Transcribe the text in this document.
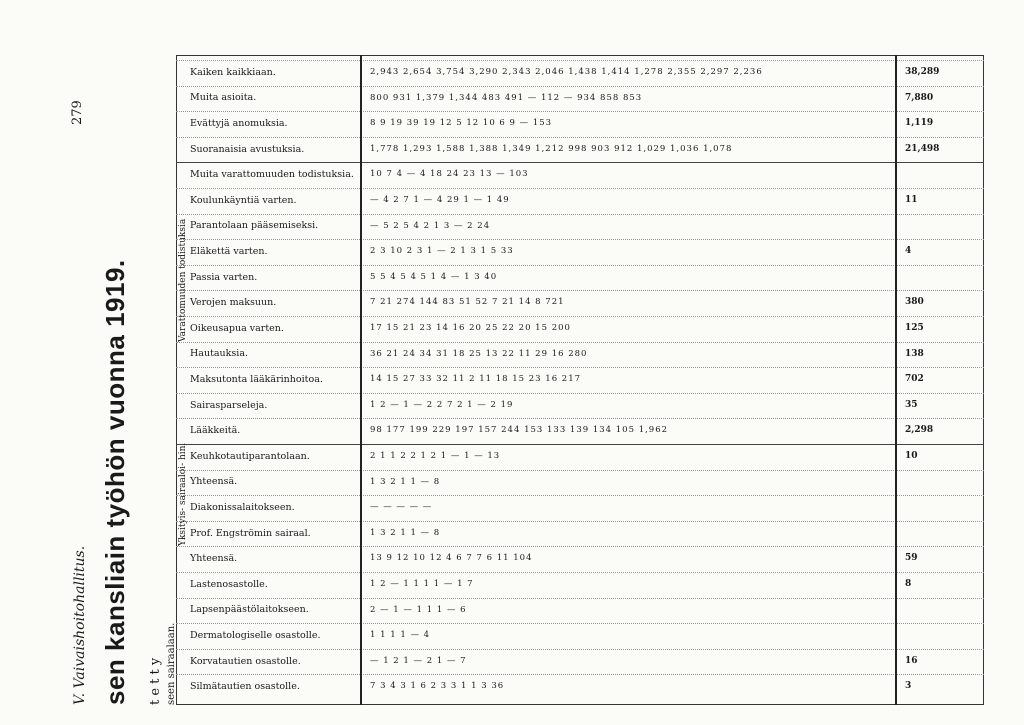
279
V. Vaivaishoitohallitus. sen kansliain työhön vuonna 1919. t e t t y seen sairaalaan.
Kaiken kaikkiaan.	2,943 2,654 3,754 3,290 2,343 2,046 1,438 1,414 1,278 2,355 2,297 2,236	38,289
Muita asioita.	800 931 1,379 1,344 483 491 — 112 — 934 858 853	7,880
Evättyjä anomuksia.	8 9 19 39 19 12 5 12 10 6 9 — 153	1,119
Suoranaisia avustuksia.	1,778 1,293 1,588 1,388 1,349 1,212 998 903 912 1,029 1,036 1,078	21,498
Muita varattomuuden todistuksia. 10 7 4 — 4 18 24 23 13 — 103
Koulunkäyntiä varten.	— 4 2 7 1 — 4 29 1 — 1 49	11
Parantolaan pääsemiseksi.	— 5 2 5 4 2 1 3 — 2 24
Eläkettä varten.	2 3 10 2 3 1 — 2 1 3 1 5 33	4
Passia varten.	5 5 4 5 4 5 1 4 — 1 3 40
Verojen maksuun.	7 21 274 144 83 51 52 7 21 14 8 721	380
Oikeusapua varten.	17 15 21 23 14 16 20 25 22 20 15 200	125
Hautauksia.	36 21 24 34 31 18 25 13 22 11 29 16 280	138
Maksutonta lääkärinhoitoa.	14 15 27 33 32 11 2 11 18 15 23 16 217	702
Sairasparseleja.	1 2 — 1 — 2 2 7 2 1 — 2 19	35
Lääkkeitä.	98 177 199 229 197 157 244 153 133 139 134 105 1,962	2,298
Keuhkotautiparantolaan.	2 1 1 2 2 1 2 1 — 1 — 13	10
Yhteensä.	1 3 2 1 1 — 8
Diakonissalaitokseen.	— — — — —
Prof. Engströmin sairaal.	1 3 2 1 1 — 8
Yhteensä.	13 9 12 10 12 4 6 7 7 6 11 104	59
Lastenosastolle.	1 2 — 1 1 1 1 — 1 7	8
Lapsenpäästölaitokseen.	2 — 1 — 1 1 1 — 6
Dermatologiselle osastolle.	1 1 1 1 — 4
Korvatautien osastolle.	— 1 2 1 — 2 1 — 7	16
Silmätautien osastolle.	7 3 4 3 1 6 2 3 3 1 1 3 36	3
Varattomuuden todistuksia
Yksityis- sairaaloi- hin.
